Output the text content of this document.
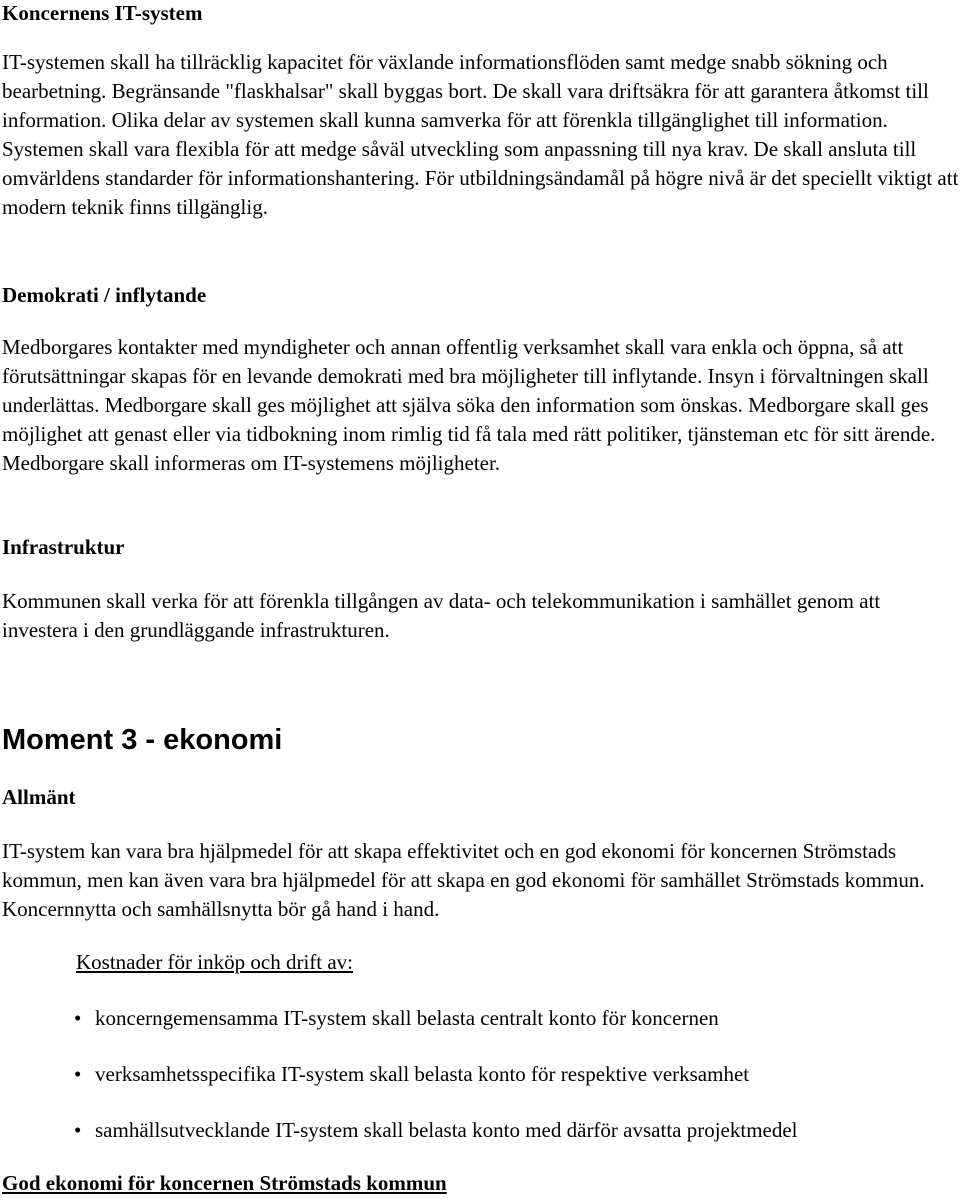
Koncernens IT-system

IT-systemen skall ha tillräcklig kapacitet för växlande informationsflöden samt medge snabb sökning och bearbetning. Begränsande "flaskhalsar" skall byggas bort. De skall vara driftsäkra för att garantera åtkomst till information. Olika delar av systemen skall kunna samverka för att förenkla tillgänglighet till information. Systemen skall vara flexibla för att medge såväl utveckling som anpassning till nya krav. De skall ansluta till omvärldens standarder för informationshantering. För utbildningsändamål på högre nivå är det speciellt viktigt att modern teknik finns tillgänglig.

Demokrati / inflytande

Medborgares kontakter med myndigheter och annan offentlig verksamhet skall vara enkla och öppna, så att förutsättningar skapas för en levande demokrati med bra möjligheter till inflytande. Insyn i förvaltningen skall underlättas. Medborgare skall ges möjlighet att själva söka den information som önskas. Medborgare skall ges möjlighet att genast eller via tidbokning inom rimlig tid få tala med rätt politiker, tjänsteman etc för sitt ärende. Medborgare skall informeras om IT-systemens möjligheter.

Infrastruktur

Kommunen skall verka för att förenkla tillgången av data- och telekommunikation i samhället genom att investera i den grundläggande infrastrukturen.

Moment 3 - ekonomi
Allmänt

IT-system kan vara bra hjälpmedel för att skapa effektivitet och en god ekonomi för koncernen Strömstads kommun, men kan även vara bra hjälpmedel för att skapa en god ekonomi för samhället Strömstads kommun. Koncernnytta och samhällsnytta bör gå hand i hand.

Kostnader för inköp och drift av:

• koncerngemensamma IT-system skall belasta centralt konto för koncernen
• verksamhetsspecifika IT-system skall belasta konto för respektive verksamhet
• samhällsutvecklande IT-system skall belasta konto med därför avsatta projektmedel
God ekonomi för koncernen Strömstads kommun
